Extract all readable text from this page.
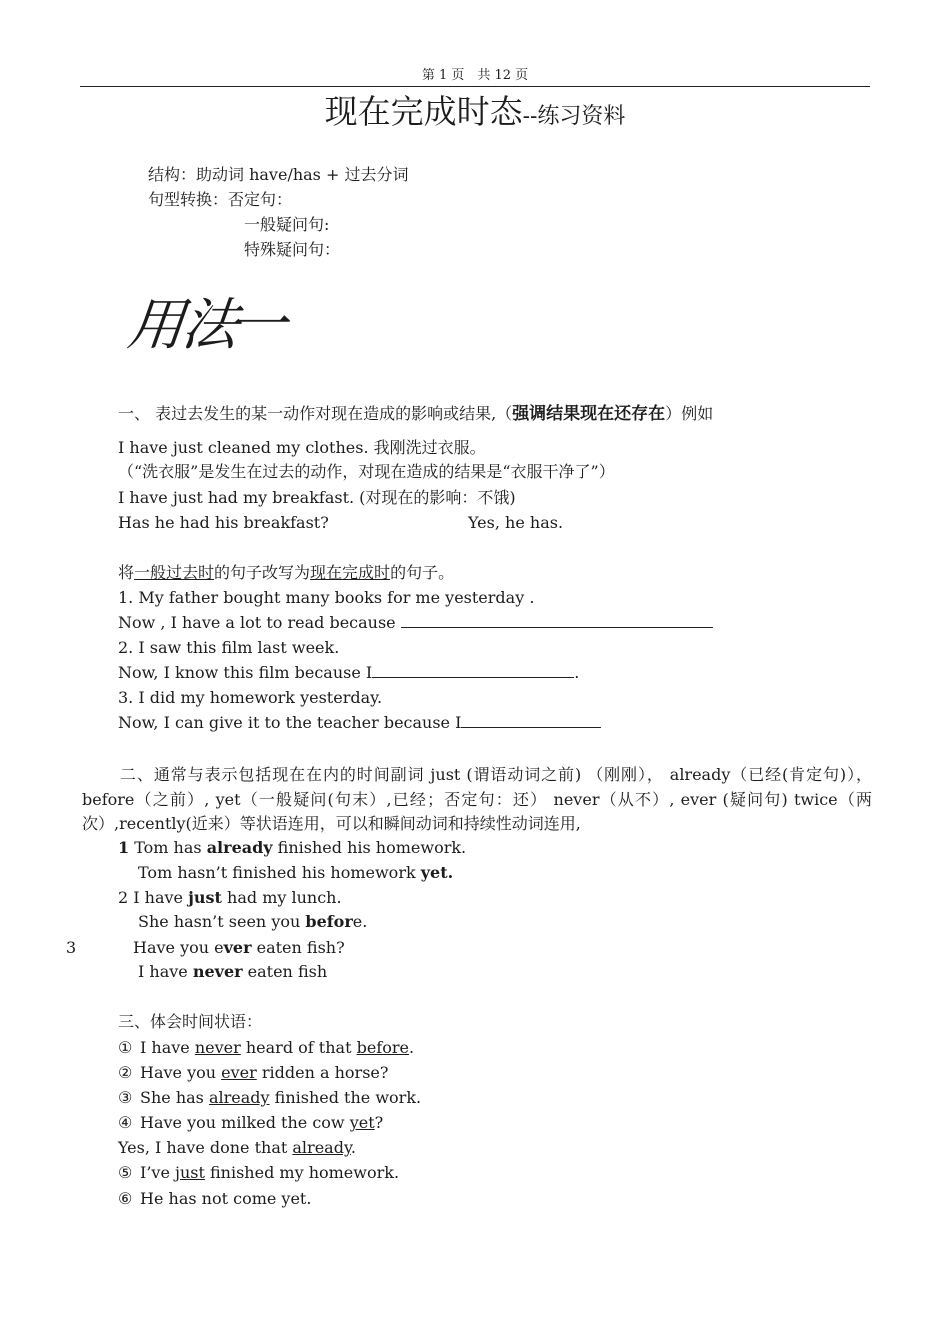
第 1 页　共 12 页
现在完成时态--练习资料
结构：助动词 have/has + 过去分词
句型转换：否定句：
一般疑问句:
特殊疑问句：
用法一
一、 表过去发生的某一动作对现在造成的影响或结果,（强调结果现在还存在）例如
I have just cleaned my clothes. 我刚洗过衣服。
（“洗衣服”是发生在过去的动作，对现在造成的结果是“衣服干净了”）
I have just had my breakfast. (对现在的影响：不饿)
Has he had his breakfast?	Yes, he has.
将一般过去时的句子改写为现在完成时的句子。
1. My father bought many books for me yesterday .
Now , I have a lot to read because
2. I saw this film last week.
Now, I know this film because I	.
3. I did my homework yesterday.
Now, I can give it to the teacher because I
二、通常与表示包括现在在内的时间副词 just (谓语动词之前) （刚刚）， already（已经(肯定句)），before（之前）, yet（一般疑问(句末）,已经；否定句：还） never（从不）, ever (疑问句) twice（两次）,recently(近来）等状语连用，可以和瞬间动词和持续性动词连用,
1 Tom has already finished his homework.
Tom hasn’t finished his homework yet.
2 I have just had my lunch.
She hasn’t seen you before.
3	Have you ever eaten fish?
I have never eaten fish
三、体会时间状语：
① I have never heard of that before.
② Have you ever ridden a horse?
③ She has already finished the work.
④ Have you milked the cow yet?
Yes, I have done that already.
⑤ I’ve just finished my homework.
⑥ He has not come yet.
